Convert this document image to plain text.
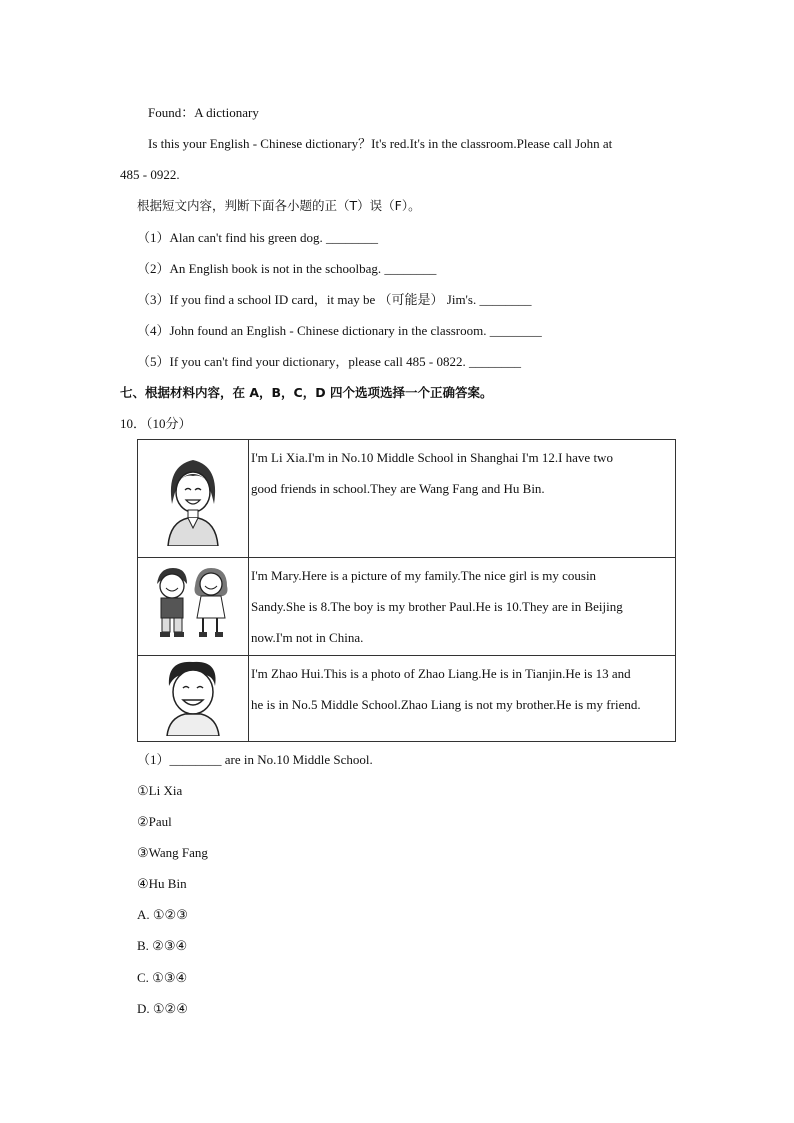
Found：A dictionary
Is this your English - Chinese dictionary？It's red.It's in the classroom.Please call John at
485 - 0922.
根据短文内容，判断下面各小题的正（T）误（F）。
（1）Alan can't find his green dog. ________
（2）An English book is not in the schoolbag. ________
（3）If you find a school ID card，it may be （可能是） Jim's. ________
（4）John found an English - Chinese dictionary in the classroom. ________
（5）If you can't find your dictionary，please call 485 - 0822. ________
七、根据材料内容，在 A，B，C，D 四个选项选择一个正确答案。
10．（10分）

I'm Li Xia.I'm in No.10 Middle School in Shanghai I'm 12.I have two
good friends in school.They are Wang Fang and Hu Bin.

I'm Mary.Here is a picture of my family.The nice girl is my cousin
Sandy.She is 8.The boy is my brother Paul.He is 10.They are in Beijing
now.I'm not in China.

I'm Zhao Hui.This is a photo of Zhao Liang.He is in Tianjin.He is 13 and
he is in No.5 Middle School.Zhao Liang is not my brother.He is my friend.
（1）________ are in No.10 Middle School.
①Li Xia
②Paul
③Wang Fang
④Hu Bin
A. ①②③
B. ②③④
C. ①③④
D. ①②④
